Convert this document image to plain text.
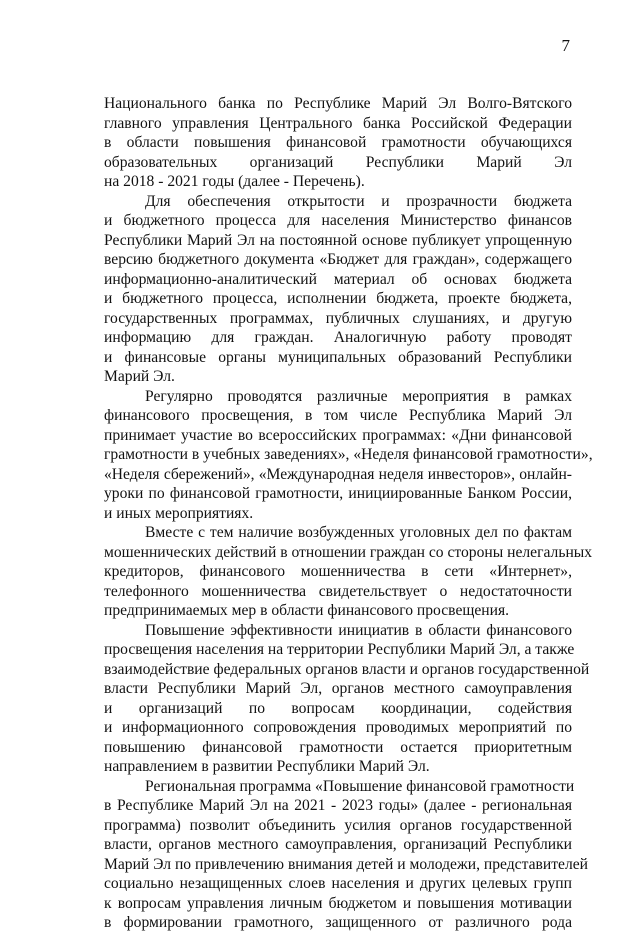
7
Национального банка по Республике Марий Эл Волго-Вятского
главного управления Центрального банка Российской Федерации
в области повышения финансовой грамотности обучающихся
образовательных организаций Республики Марий Эл
на 2018 - 2021 годы (далее - Перечень).
Для обеспечения открытости и прозрачности бюджета
и бюджетного процесса для населения Министерство финансов
Республики Марий Эл на постоянной основе публикует упрощенную
версию бюджетного документа «Бюджет для граждан», содержащего
информационно-аналитический материал об основах бюджета
и бюджетного процесса, исполнении бюджета, проекте бюджета,
государственных программах, публичных слушаниях, и другую
информацию для граждан. Аналогичную работу проводят
и финансовые органы муниципальных образований Республики
Марий Эл.
Регулярно проводятся различные мероприятия в рамках
финансового просвещения, в том числе Республика Марий Эл
принимает участие во всероссийских программах: «Дни финансовой
грамотности в учебных заведениях», «Неделя финансовой грамотности»,
«Неделя сбережений», «Международная неделя инвесторов», онлайн-
уроки по финансовой грамотности, инициированные Банком России,
и иных мероприятиях.
Вместе с тем наличие возбужденных уголовных дел по фактам
мошеннических действий в отношении граждан со стороны нелегальных
кредиторов, финансового мошенничества в сети «Интернет»,
телефонного мошенничества свидетельствует о недостаточности
предпринимаемых мер в области финансового просвещения.
Повышение эффективности инициатив в области финансового
просвещения населения на территории Республики Марий Эл, а также
взаимодействие федеральных органов власти и органов государственной
власти Республики Марий Эл, органов местного самоуправления
и организаций по вопросам координации, содействия
и информационного сопровождения проводимых мероприятий по
повышению финансовой грамотности остается приоритетным
направлением в развитии Республики Марий Эл.
Региональная программа «Повышение финансовой грамотности
в Республике Марий Эл на 2021 - 2023 годы» (далее - региональная
программа) позволит объединить усилия органов государственной
власти, органов местного самоуправления, организаций Республики
Марий Эл по привлечению внимания детей и молодежи, представителей
социально незащищенных слоев населения и других целевых групп
к вопросам управления личным бюджетом и повышения мотивации
в формировании грамотного, защищенного от различного рода
